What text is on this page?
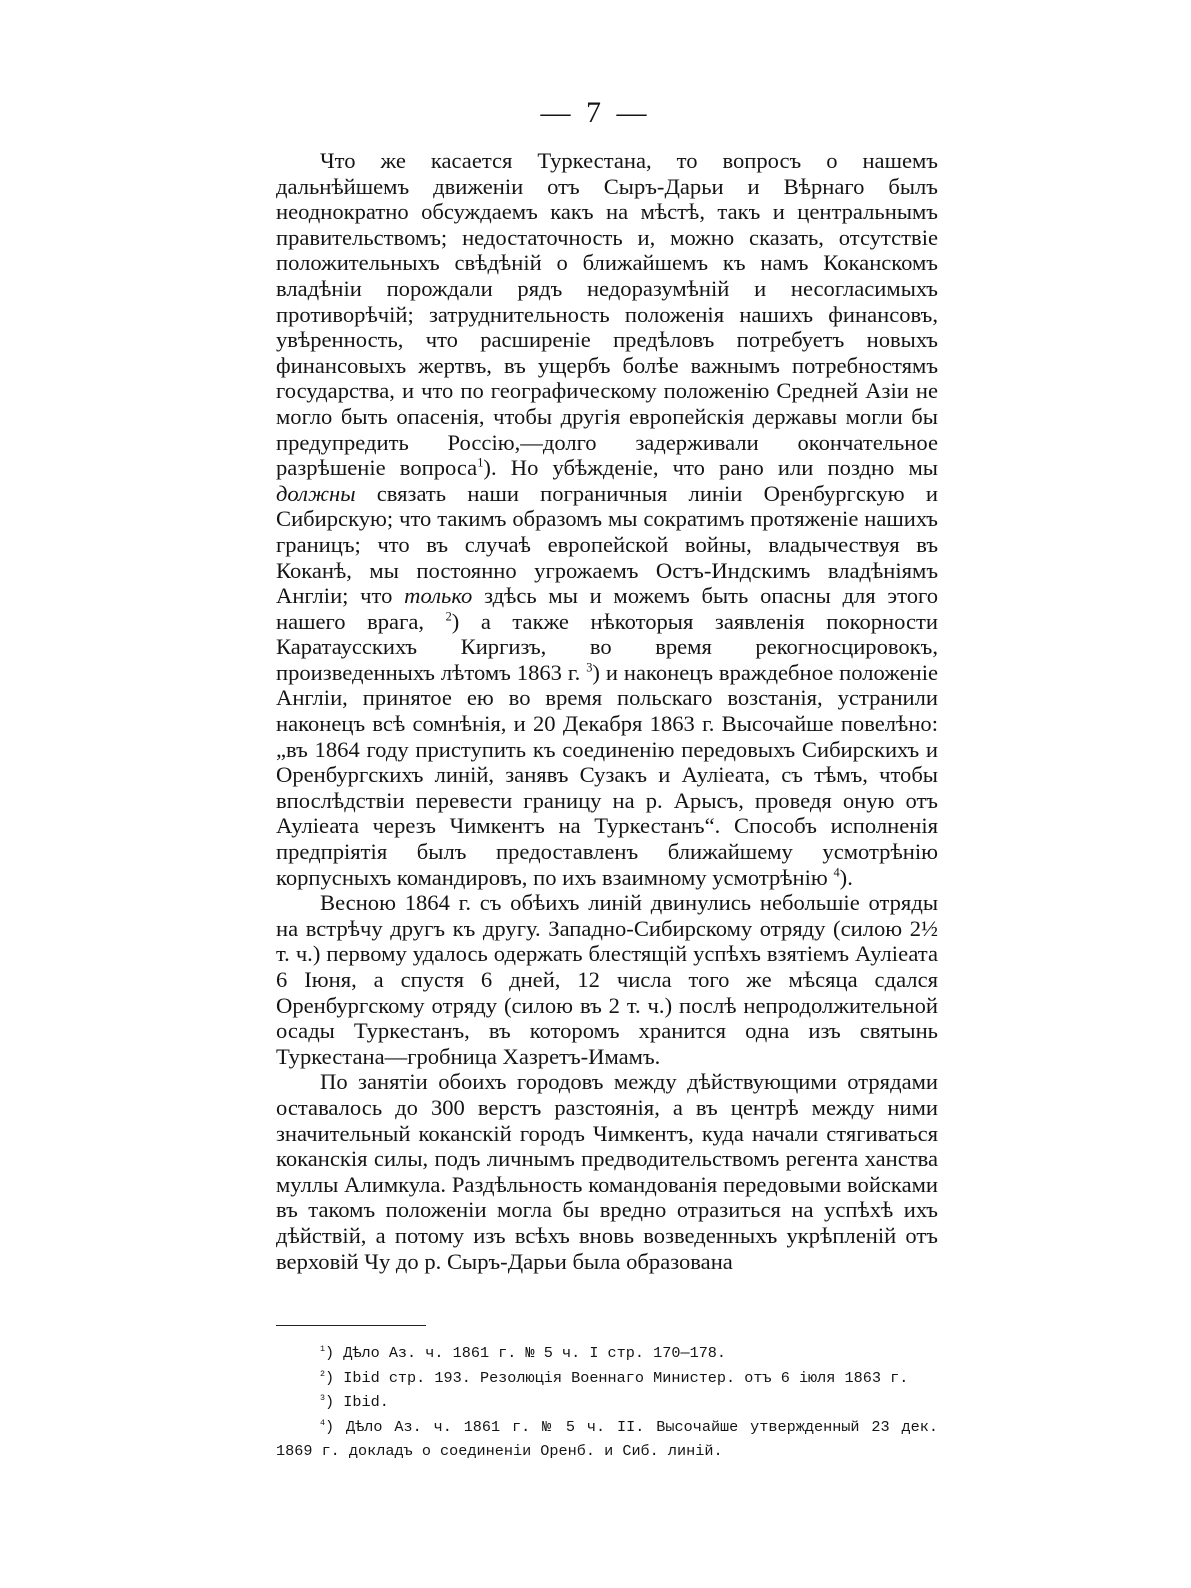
— 7 —

Что же касается Туркестана, то вопросъ о нашемъ дальнѣйшемъ движеніи отъ Сыръ-Дарьи и Вѣрнаго былъ неоднократно обсуждаемъ какъ на мѣстѣ, такъ и центральнымъ правительствомъ; недостаточность и, можно сказать, отсутствіе положительныхъ свѣдѣній о ближайшемъ къ намъ Коканскомъ владѣніи порождали рядъ недоразумѣній и несогласимыхъ противорѣчій; затруднительность положенія нашихъ финансовъ, увѣренность, что расширеніе предѣловъ потребуетъ новыхъ финансовыхъ жертвъ, въ ущербъ болѣе важнымъ потребностямъ государства, и что по географическому положенію Средней Азіи не могло быть опасенія, чтобы другія европейскія державы могли бы предупредить Россію,—долго задерживали окончательное разрѣшеніе вопроса$^1$). Но убѣжденіе, что рано или поздно мы должны связать наши пограничныя линіи Оренбургскую и Сибирскую; что такимъ образомъ мы сократимъ протяженіе нашихъ границъ; что въ случаѣ европейской войны, владычествуя въ Коканѣ, мы постоянно угрожаемъ Остъ-Индскимъ владѣніямъ Англіи; что только здѣсь мы и можемъ быть опасны для этого нашего врага, $^2$) а также нѣкоторыя заявленія покорности Каратаусскихъ Киргизъ, во время рекогносцировокъ, произведенныхъ лѣтомъ 1863 г. $^3$) и наконецъ враждебное положеніе Англіи, принятое ею во время польскаго возстанія, устранили наконецъ всѣ сомнѣнія, и 20 Декабря 1863 г. Высочайше повелѣно: „въ 1864 году приступить къ соединенію передовыхъ Сибирскихъ и Оренбургскихъ линій, занявъ Сузакъ и Аулiеата, съ тѣмъ, чтобы впослѣдствіи перевести границу на р. Арысъ, проведя оную отъ Аулiеата черезъ Чимкентъ на Туркестанъ“. Способъ исполненія предпріятія былъ предоставленъ ближайшему усмотрѣнію корпусныхъ командировъ, по ихъ взаимному усмотрѣнію $^4$).

Весною 1864 г. съ обѣихъ линій двинулись небольшіе отряды на встрѣчу другъ къ другу. Западно-Сибирскому отряду (силою 2½ т. ч.) первому удалось одержать блестящій успѣхъ взятіемъ Аулiеата 6 Іюня, а спустя 6 дней, 12 числа того же мѣсяца сдался Оренбургскому отряду (силою въ 2 т. ч.) послѣ непродолжительной осады Туркестанъ, въ которомъ хранится одна изъ святынь Туркестана—гробница Хазретъ-Имамъ.

По занятіи обоихъ городовъ между дѣйствующими отрядами оставалось до 300 верстъ разстоянія, а въ центрѣ между ними значительный коканскій городъ Чимкентъ, куда начали стягиваться коканскія силы, подъ личнымъ предводительствомъ регента ханства муллы Алимкула. Раздѣльность командованія передовыми войсками въ такомъ положеніи могла бы вредно отразиться на успѣхѣ ихъ дѣйствій, а потому изъ всѣхъ вновь возведенныхъ укрѣпленій отъ верховій Чу до р. Сыръ-Дарьи была образована

$^1$) Дѣло Аз. ч. 1861 г. № 5 ч. I стр. 170—178.

$^2$) Ibid стр. 193. Резолюція Военнаго Министер. отъ 6 іюля 1863 г.

$^3$) Ibid.

$^4$) Дѣло Аз. ч. 1861 г. № 5 ч. II. Высочайше утвержденный 23 дек. 1869 г. докладъ о соединеніи Оренб. и Сиб. линій.
